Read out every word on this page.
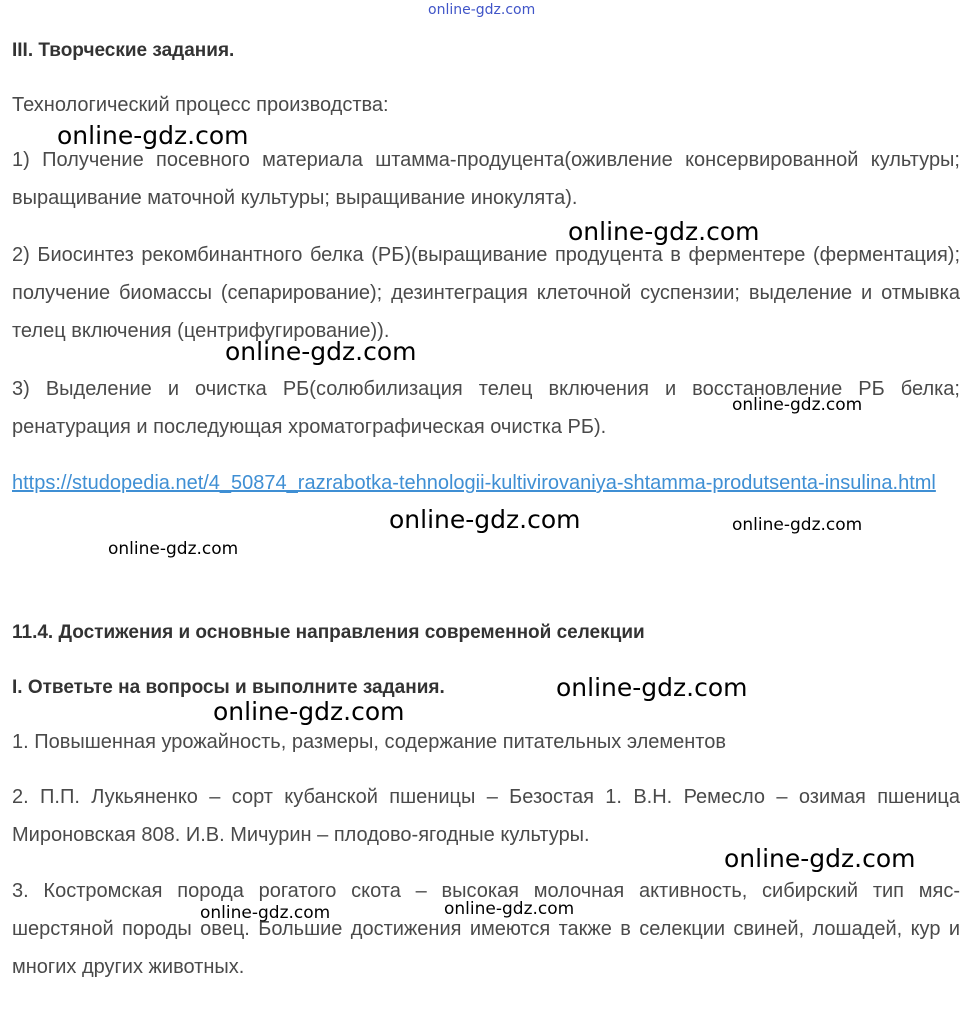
online-gdz.com
III. Творческие задания.

Технологический процесс производства:

1) Получение посевного материала штамма-продуцента(оживление консервированной культуры; выращивание маточной культуры; выращивание инокулята).

2) Биосинтез рекомбинантного белка (РБ)(выращивание продуцента в ферментере (ферментация); получение биомассы (сепарирование); дезинтеграция клеточной суспензии; выделение и отмывка телец включения (центрифугирование)).

3) Выделение и очистка РБ(солюбилизация телец включения и восстановление РБ белка; ренатурация и последующая хроматографическая очистка РБ).

https://studopedia.net/4_50874_razrabotka-tehnologii-kultivirovaniya-shtamma-produtsenta-insulina.html
11.4. Достижения и основные направления современной селекции
I. Ответьте на вопросы и выполните задания.

1. Повышенная урожайность, размеры, содержание питательных элементов

2. П.П. Лукьяненко – сорт кубанской пшеницы – Безостая 1. В.Н. Ремесло – озимая пшеница Мироновская 808. И.В. Мичурин – плодово-ягодные культуры.

3. Костромская порода рогатого скота – высокая молочная активность, сибирский тип мяс-шерстяной породы овец. Большие достижения имеются также в селекции свиней, лошадей, кур и многих других животных.

online-gdz.com
online-gdz.com
online-gdz.com
online-gdz.com
online-gdz.com	online-gdz.com
online-gdz.com
online-gdz.com
online-gdz.com
online-gdz.com
online-gdz.com	online-gdz.com
